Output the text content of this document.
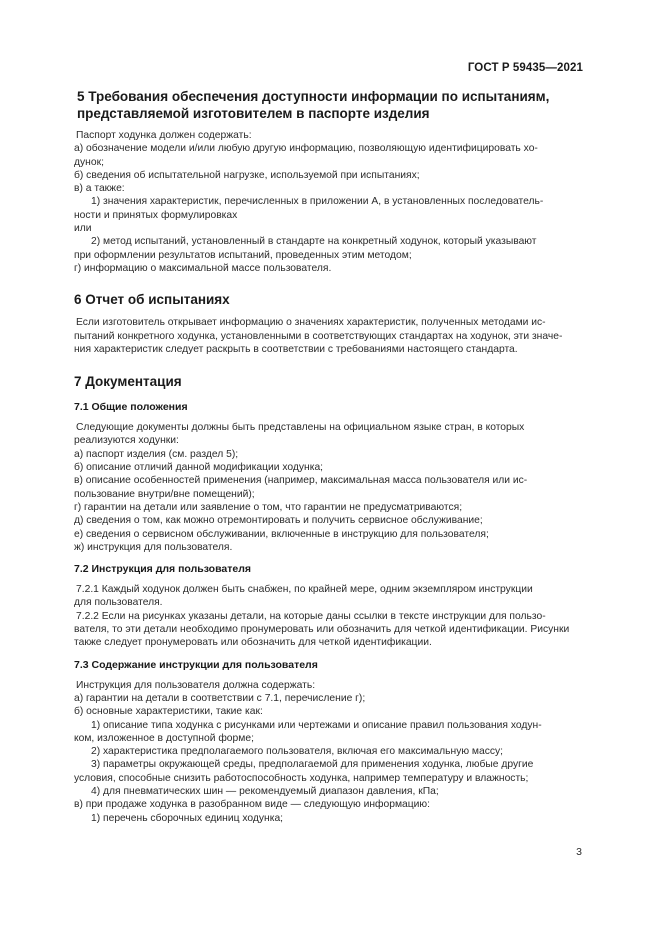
ГОСТ Р 59435—2021
5 Требования обеспечения доступности информации по испытаниям,
представляемой изготовителем в паспорте изделия
Паспорт ходунка должен содержать:
а) обозначение модели и/или любую другую информацию, позволяющую идентифицировать хо-
дунок;
б) сведения об испытательной нагрузке, используемой при испытаниях;
в) а также:
1) значения характеристик, перечисленных в приложении А, в установленных последователь-
ности и принятых формулировках
или
2) метод испытаний, установленный в стандарте на конкретный ходунок, который указывают
при оформлении результатов испытаний, проведенных этим методом;
г) информацию о максимальной массе пользователя.
6 Отчет об испытаниях
Если изготовитель открывает информацию о значениях характеристик, полученных методами ис-
пытаний конкретного ходунка, установленными в соответствующих стандартах на ходунок, эти значе-
ния характеристик следует раскрыть в соответствии с требованиями настоящего стандарта.
7 Документация
7.1 Общие положения
Следующие документы должны быть представлены на официальном языке стран, в которых
реализуются ходунки:
а) паспорт изделия (см. раздел 5);
б) описание отличий данной модификации ходунка;
в) описание особенностей применения (например, максимальная масса пользователя или ис-
пользование внутри/вне помещений);
г) гарантии на детали или заявление о том, что гарантии не предусматриваются;
д) сведения о том, как можно отремонтировать и получить сервисное обслуживание;
е) сведения о сервисном обслуживании, включенные в инструкцию для пользователя;
ж) инструкция для пользователя.
7.2 Инструкция для пользователя
7.2.1 Каждый ходунок должен быть снабжен, по крайней мере, одним экземпляром инструкции
для пользователя.
7.2.2 Если на рисунках указаны детали, на которые даны ссылки в тексте инструкции для пользо-
вателя, то эти детали необходимо пронумеровать или обозначить для четкой идентификации. Рисунки
также следует пронумеровать или обозначить для четкой идентификации.
7.3 Содержание инструкции для пользователя
Инструкция для пользователя должна содержать:
а) гарантии на детали в соответствии с 7.1, перечисление г);
б) основные характеристики, такие как:
1) описание типа ходунка с рисунками или чертежами и описание правил пользования ходун-
ком, изложенное в доступной форме;
2) характеристика предполагаемого пользователя, включая его максимальную массу;
3) параметры окружающей среды, предполагаемой для применения ходунка, любые другие
условия, способные снизить работоспособность ходунка, например температуру и влажность;
4) для пневматических шин — рекомендуемый диапазон давления, кПа;
в) при продаже ходунка в разобранном виде — следующую информацию:
1) перечень сборочных единиц ходунка;
3
